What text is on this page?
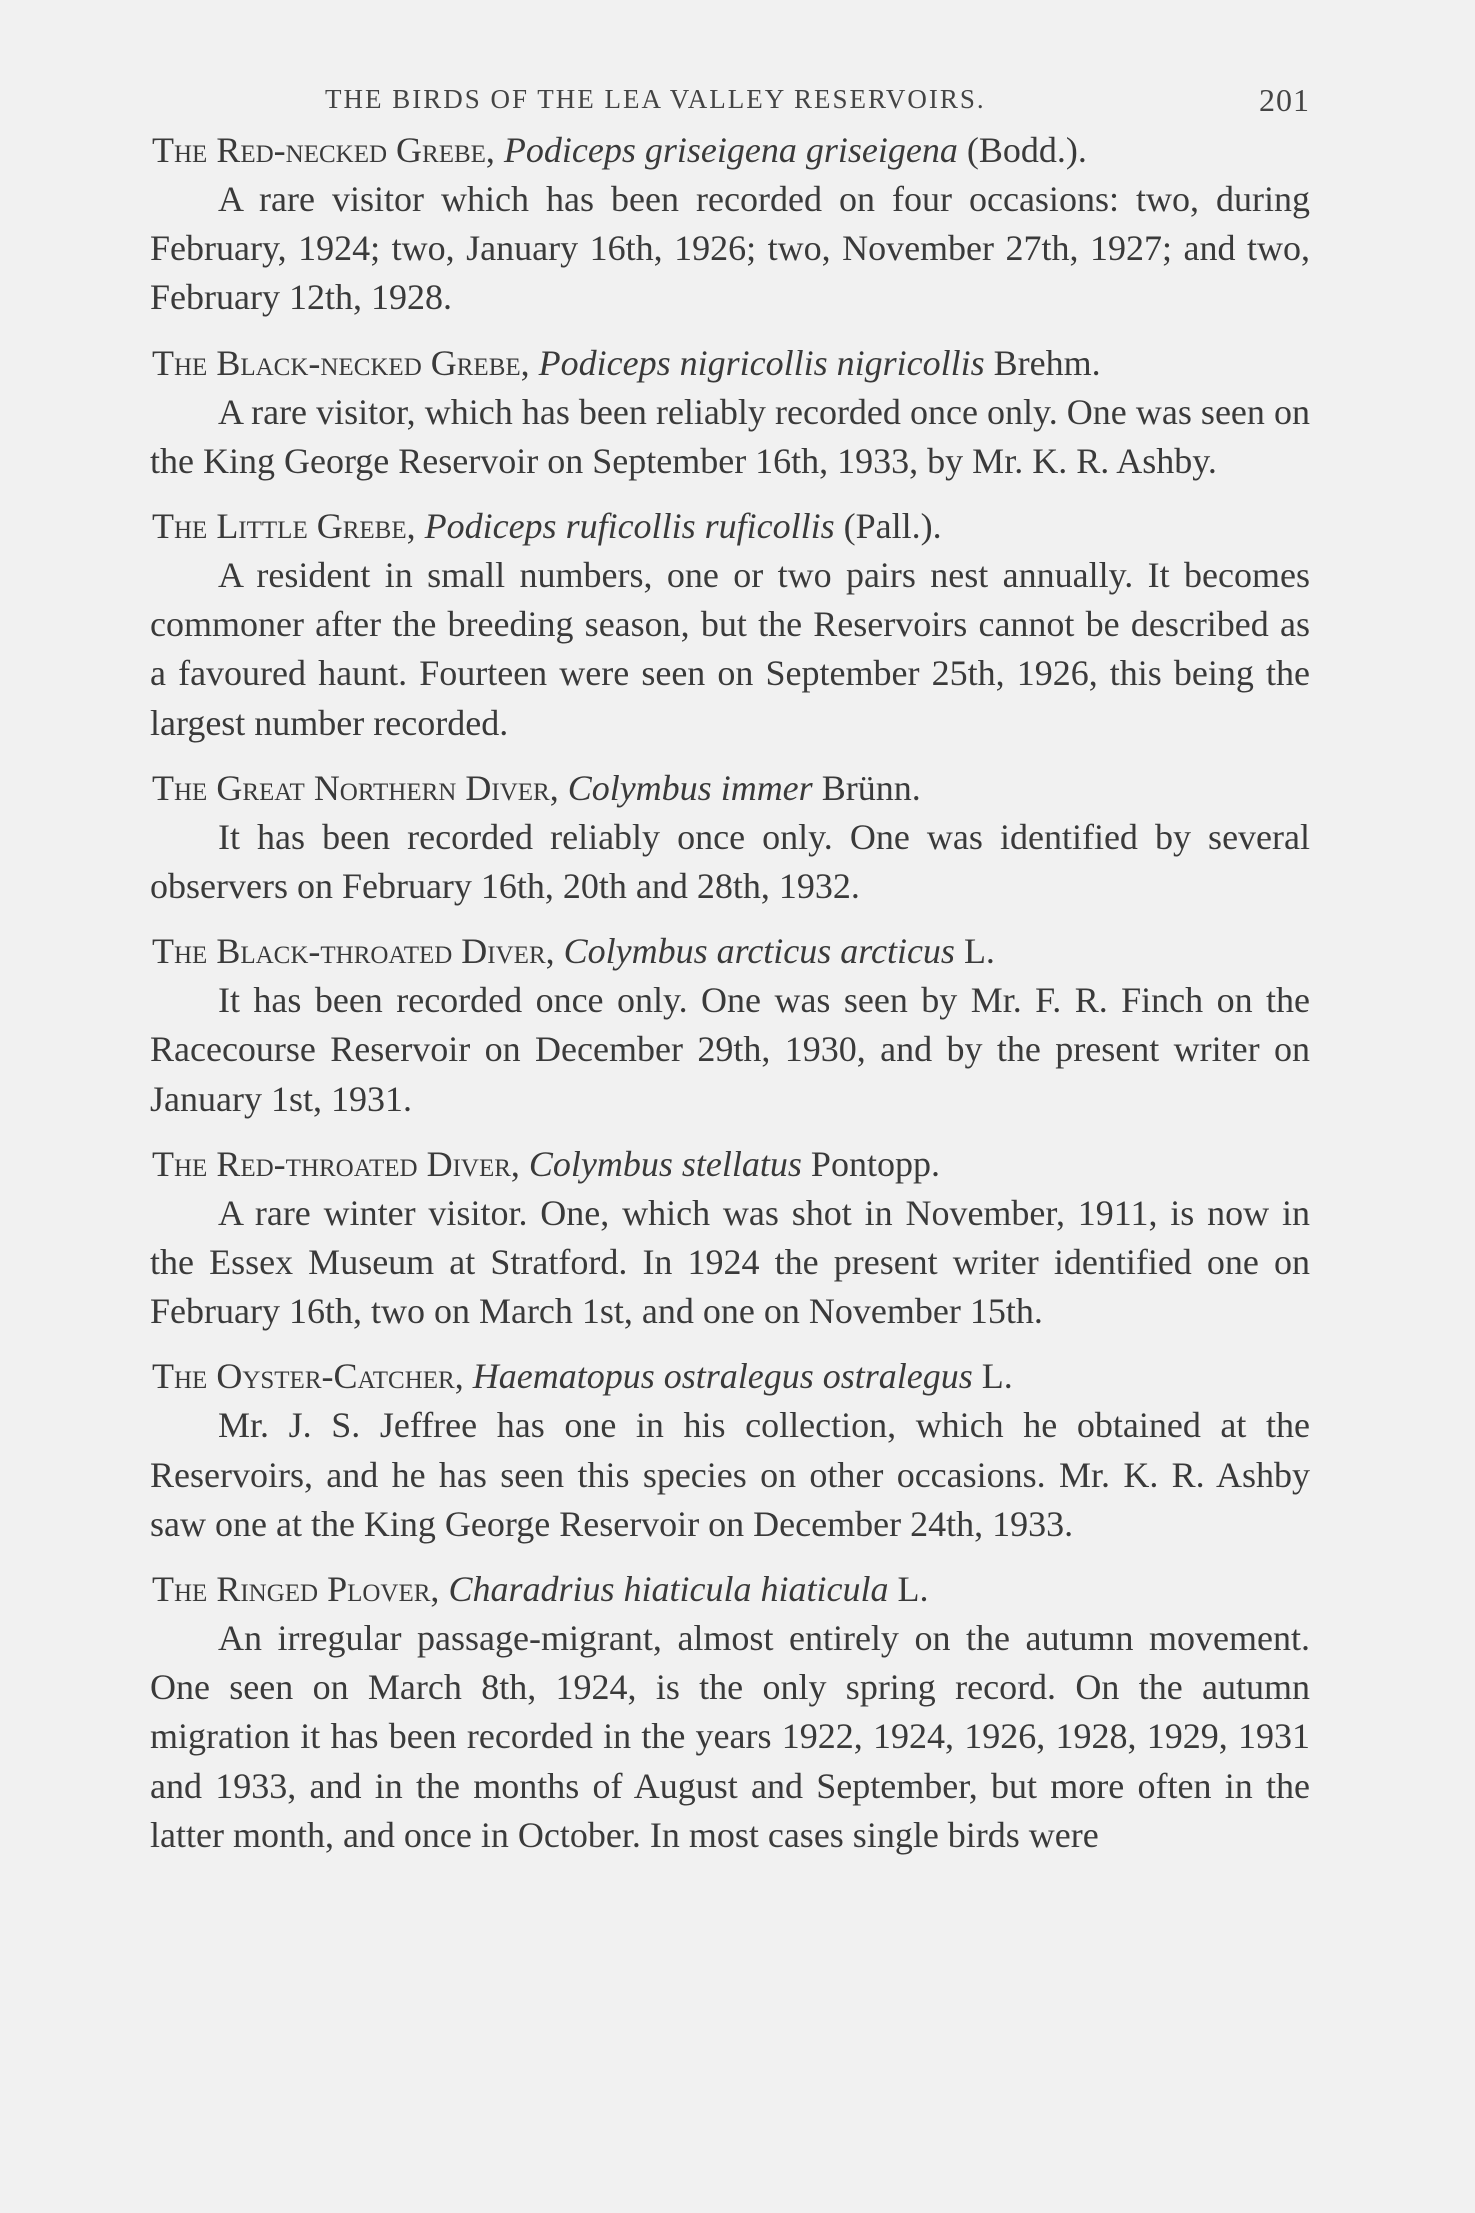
THE BIRDS OF THE LEA VALLEY RESERVOIRS.	201
The Red-necked Grebe, Podiceps griseigena griseigena (Bodd.).

A rare visitor which has been recorded on four occasions: two, during February, 1924; two, January 16th, 1926; two, November 27th, 1927; and two, February 12th, 1928.

The Black-necked Grebe, Podiceps nigricollis nigricollis Brehm.

A rare visitor, which has been reliably recorded once only. One was seen on the King George Reservoir on September 16th, 1933, by Mr. K. R. Ashby.

The Little Grebe, Podiceps ruficollis ruficollis (Pall.).

A resident in small numbers, one or two pairs nest annually. It becomes commoner after the breeding season, but the Reservoirs cannot be described as a favoured haunt. Fourteen were seen on September 25th, 1926, this being the largest number recorded.

The Great Northern Diver, Colymbus immer Brünn.

It has been recorded reliably once only. One was identified by several observers on February 16th, 20th and 28th, 1932.

The Black-throated Diver, Colymbus arcticus arcticus L.

It has been recorded once only. One was seen by Mr. F. R. Finch on the Racecourse Reservoir on December 29th, 1930, and by the present writer on January 1st, 1931.

The Red-throated Diver, Colymbus stellatus Pontopp.

A rare winter visitor. One, which was shot in November, 1911, is now in the Essex Museum at Stratford. In 1924 the present writer identified one on February 16th, two on March 1st, and one on November 15th.

The Oyster-Catcher, Haematopus ostralegus ostralegus L.

Mr. J. S. Jeffree has one in his collection, which he obtained at the Reservoirs, and he has seen this species on other occasions. Mr. K. R. Ashby saw one at the King George Reservoir on December 24th, 1933.

The Ringed Plover, Charadrius hiaticula hiaticula L.

An irregular passage-migrant, almost entirely on the autumn movement. One seen on March 8th, 1924, is the only spring record. On the autumn migration it has been recorded in the years 1922, 1924, 1926, 1928, 1929, 1931 and 1933, and in the months of August and September, but more often in the latter month, and once in October. In most cases single birds were
